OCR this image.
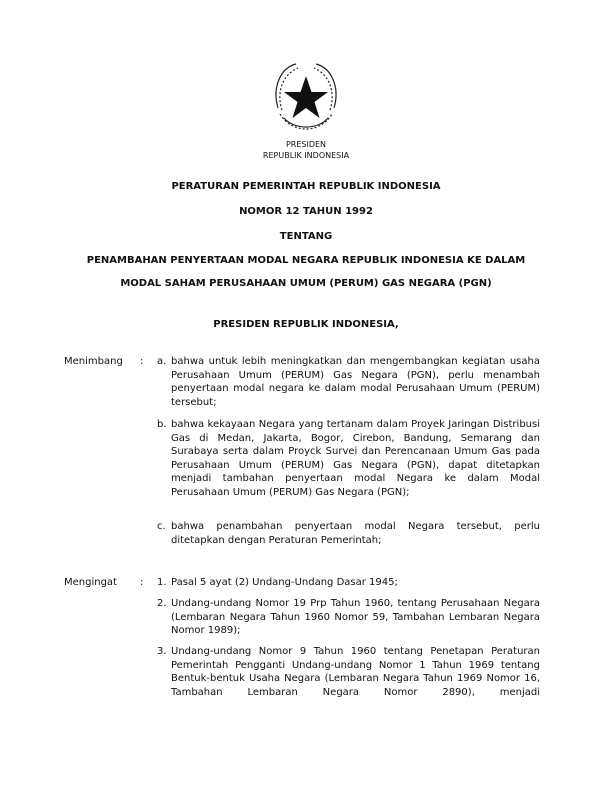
PRESIDEN
REPUBLIK INDONESIA
PERATURAN PEMERINTAH REPUBLIK INDONESIA
NOMOR 12 TAHUN 1992
TENTANG
PENAMBAHAN PENYERTAAN MODAL NEGARA REPUBLIK INDONESIA KE DALAM
MODAL SAHAM PERUSAHAAN UMUM (PERUM) GAS NEGARA (PGN)
PRESIDEN REPUBLIK INDONESIA,
Menimbang : a. bahwa untuk lebih meningkatkan dan mengembangkan kegiatan usaha Perusahaan Umum (PERUM) Gas Negara (PGN), perlu menambah penyertaan modal negara ke dalam modal Perusahaan Umum (PERUM) tersebut;
b. bahwa kekayaan Negara yang tertanam dalam Proyek Jaringan Distribusi Gas di Medan, Jakarta, Bogor, Cirebon, Bandung, Semarang dan Surabaya serta dalam Proyck Survei dan Perencanaan Umum Gas pada Perusahaan Umum (PERUM) Gas Negara (PGN), dapat ditetapkan menjadi tambahan penyertaan modal Negara ke dalam Modal Perusahaan Umum (PERUM) Gas Negara (PGN);
c. bahwa penambahan penyertaan modal Negara tersebut, perlu ditetapkan dengan Peraturan Pemerintah;
Mengingat : 1. Pasal 5 ayat (2) Undang-Undang Dasar 1945;
2. Undang-undang Nomor 19 Prp Tahun 1960, tentang Perusahaan Negara (Lembaran Negara Tahun 1960 Nomor 59, Tambahan Lembaran Negara Nomor 1989);
3. Undang-undang Nomor 9 Tahun 1960 tentang Penetapan Peraturan Pemerintah Pengganti Undang-undang Nomor 1 Tahun 1969 tentang Bentuk-bentuk Usaha Negara (Lembaran Negara Tahun 1969 Nomor 16, Tambahan Lembaran Negara Nomor 2890), menjadi
